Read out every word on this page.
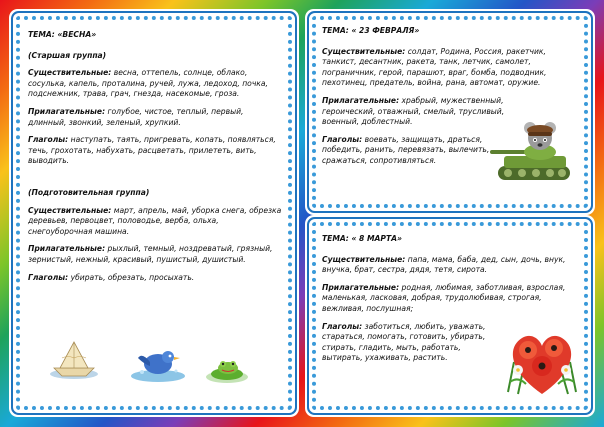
ТЕМА: «ВЕСНА»

(Старшая группа)

Существительные: весна, оттепель, солнце, облако, сосулька, капель, проталина, ручей, лужа, ледоход, почка, подснежник, трава, грач, гнезда, насекомые, гроза.

Прилагательные: голубое, чистое, теплый, первый, длинный, звонкий, зеленый, хрупкий.

Глаголы: наступать, таять, пригревать, копать, появляться, течь, грохотать, набухать, расцветать, прилететь, вить, выводить.

(Подготовительная группа)

Существительные: март, апрель, май, уборка снега, обрезка деревьев, первоцвет, половодье, верба, ольха, снегоуборочная машина.

Прилагательные: рыхлый, темный, ноздреватый, грязный, зернистый, нежный, красивый, пушистый, душистый.

Глаголы: убирать, обрезать, просыхать.

ТЕМА: « 23 ФЕВРАЛЯ»

Существительные: солдат, Родина, Россия, ракетчик, танкист, десантник, ракета, танк, летчик, самолет, пограничник, герой, парашют, враг, бомба, подводник, пехотинец, предатель, война, рана, автомат, оружие.

Прилагательные: храбрый, мужественный, героический, отважный, смелый, трусливый, военный, доблестный.

Глаголы: воевать, защищать, драться, победить, ранить, перевязать, вылечить, сражаться, сопротивляться.

ТЕМА: « 8 МАРТА»

Существительные: папа, мама, баба, дед, сын, дочь, внук, внучка, брат, сестра, дядя, тетя, сирота.

Прилагательные: родная, любимая, заботливая, взрослая, маленькая, ласковая, добрая, трудолюбивая, строгая, вежливая, послушная;

Глаголы: заботиться, любить, уважать, стараться, помогать, готовить, убирать, стирать, гладить, мыть, работать, вытирать, ухаживать, растить.
